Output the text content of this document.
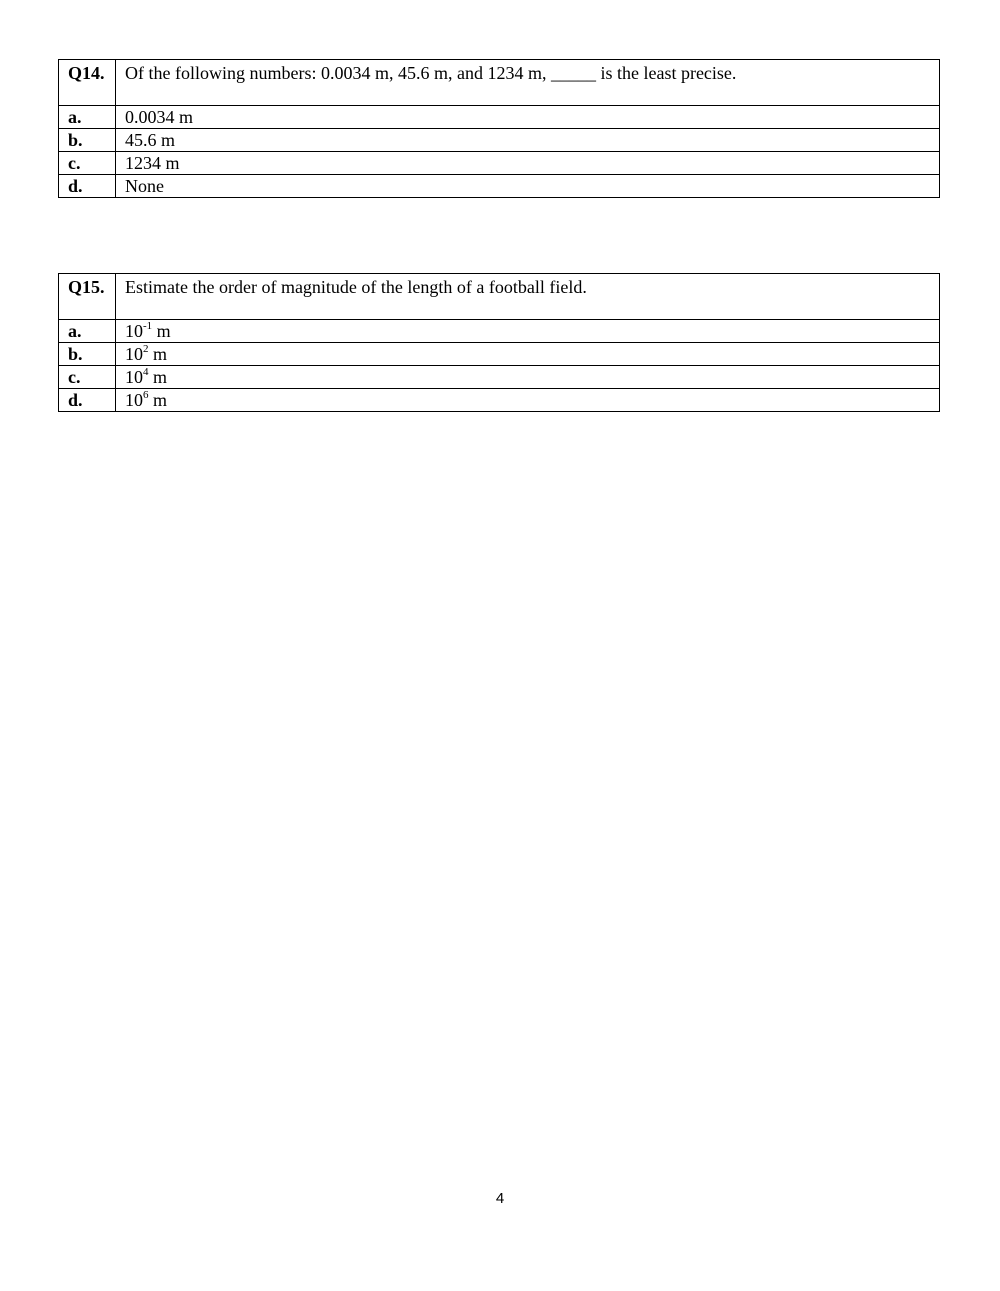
Q14.	Of the following numbers: 0.0034 m, 45.6 m, and 1234 m, _____ is the least precise.
a.	0.0034 m
b.	45.6 m
c.	1234 m
d.	None
Q15.	Estimate the order of magnitude of the length of a football field.
a.	$10^{-1}$ m
b.	$10^2$ m
c.	$10^4$ m
d.	$10^6$ m
4
